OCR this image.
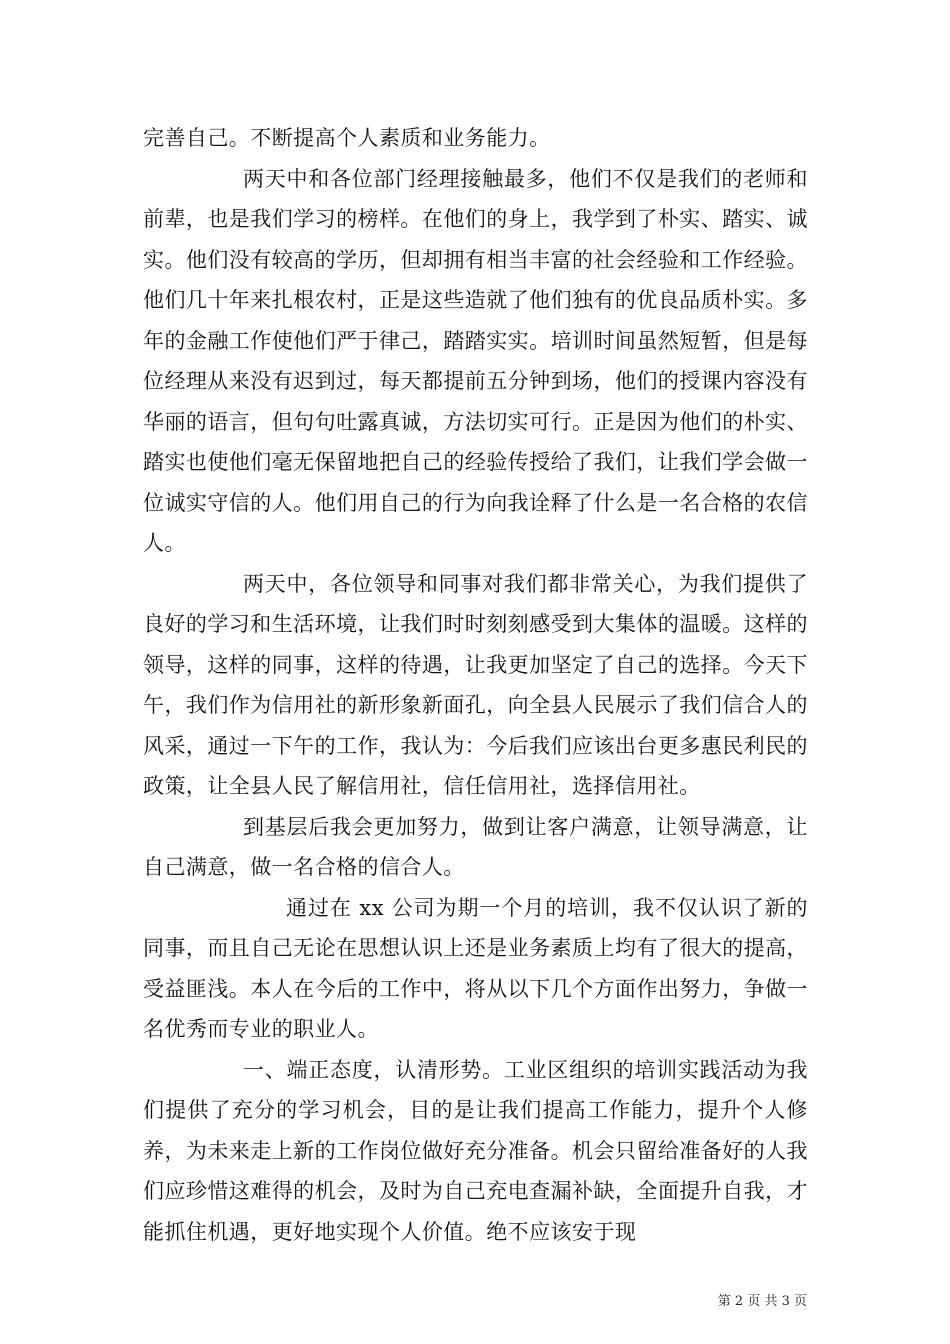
完善自己。不断提高个人素质和业务能力。

两天中和各位部门经理接触最多，他们不仅是我们的老师和前辈，也是我们学习的榜样。在他们的身上，我学到了朴实、踏实、诚实。他们没有较高的学历，但却拥有相当丰富的社会经验和工作经验。他们几十年来扎根农村，正是这些造就了他们独有的优良品质朴实。多年的金融工作使他们严于律己，踏踏实实。培训时间虽然短暂，但是每位经理从来没有迟到过，每天都提前五分钟到场，他们的授课内容没有华丽的语言，但句句吐露真诚，方法切实可行。正是因为他们的朴实、踏实也使他们毫无保留地把自己的经验传授给了我们，让我们学会做一位诚实守信的人。他们用自己的行为向我诠释了什么是一名合格的农信人。

两天中，各位领导和同事对我们都非常关心，为我们提供了良好的学习和生活环境，让我们时时刻刻感受到大集体的温暖。这样的领导，这样的同事，这样的待遇，让我更加坚定了自己的选择。今天下午，我们作为信用社的新形象新面孔，向全县人民展示了我们信合人的风采，通过一下午的工作，我认为：今后我们应该出台更多惠民利民的政策，让全县人民了解信用社，信任信用社，选择信用社。

到基层后我会更加努力，做到让客户满意，让领导满意，让自己满意，做一名合格的信合人。

通过在 xx 公司为期一个月的培训，我不仅认识了新的同事，而且自己无论在思想认识上还是业务素质上均有了很大的提高，受益匪浅。本人在今后的工作中，将从以下几个方面作出努力，争做一名优秀而专业的职业人。

一、端正态度，认清形势。工业区组织的培训实践活动为我们提供了充分的学习机会，目的是让我们提高工作能力，提升个人修养，为未来走上新的工作岗位做好充分准备。机会只留给准备好的人我们应珍惜这难得的机会，及时为自己充电查漏补缺，全面提升自我，才能抓住机遇，更好地实现个人价值。绝不应该安于现

第 2 页 共 3 页
